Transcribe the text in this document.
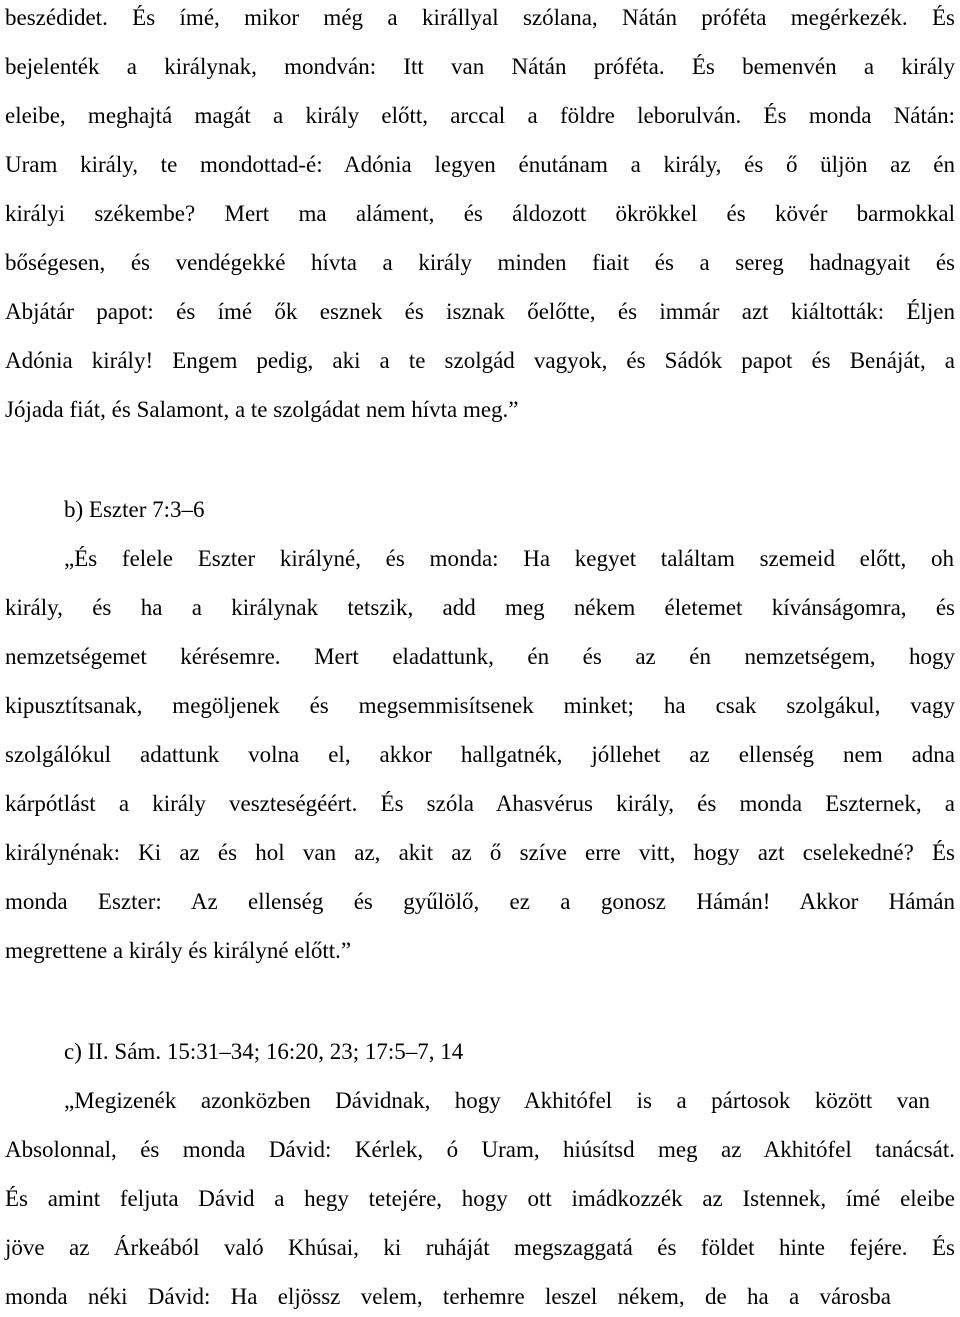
beszédidet. És ímé, mikor még a királlyal szólana, Nátán próféta megérkezék. És
bejelenték a királynak, mondván: Itt van Nátán próféta. És bemenvén a király
eleibe, meghajtá magát a király előtt, arccal a földre leborulván. És monda Nátán:
Uram király, te mondottad-é: Adónia legyen énutánam a király, és ő üljön az én
királyi székembe? Mert ma aláment, és áldozott ökrökkel és kövér barmokkal
bőségesen, és vendégekké hívta a király minden fiait és a sereg hadnagyait és
Abjátár papot: és ímé ők esznek és isznak őelőtte, és immár azt kiáltották: Éljen
Adónia király! Engem pedig, aki a te szolgád vagyok, és Sádók papot és Benáját, a
Jójada fiát, és Salamont, a te szolgádat nem hívta meg.”
b) Eszter 7:3–6
„És felele Eszter királyné, és monda: Ha kegyet találtam szemeid előtt, oh
király, és ha a királynak tetszik, add meg nékem életemet kívánságomra, és
nemzetségemet kérésemre. Mert eladattunk, én és az én nemzetségem, hogy
kipusztítsanak, megöljenek és megsemmisítsenek minket; ha csak szolgákul, vagy
szolgálókul adattunk volna el, akkor hallgatnék, jóllehet az ellenség nem adna
kárpótlást a király veszteségéért. És szóla Ahasvérus király, és monda Eszternek, a
királynénak: Ki az és hol van az, akit az ő szíve erre vitt, hogy azt cselekedné? És
monda Eszter: Az ellenség és gyűlölő, ez a gonosz Hámán! Akkor Hámán
megrettene a király és királyné előtt.”
c) II. Sám. 15:31–34; 16:20, 23; 17:5–7, 14
„Megizenék azonközben Dávidnak, hogy Akhitófel is a pártosok között van
Absolonnal, és monda Dávid: Kérlek, ó Uram, hiúsítsd meg az Akhitófel tanácsát.
És amint feljuta Dávid a hegy tetejére, hogy ott imádkozzék az Istennek, ímé eleibe
jöve az Árkeából való Khúsai, ki ruháját megszaggatá és földet hinte fejére. És
monda néki Dávid: Ha eljössz velem, terhemre leszel nékem, de ha a városba
